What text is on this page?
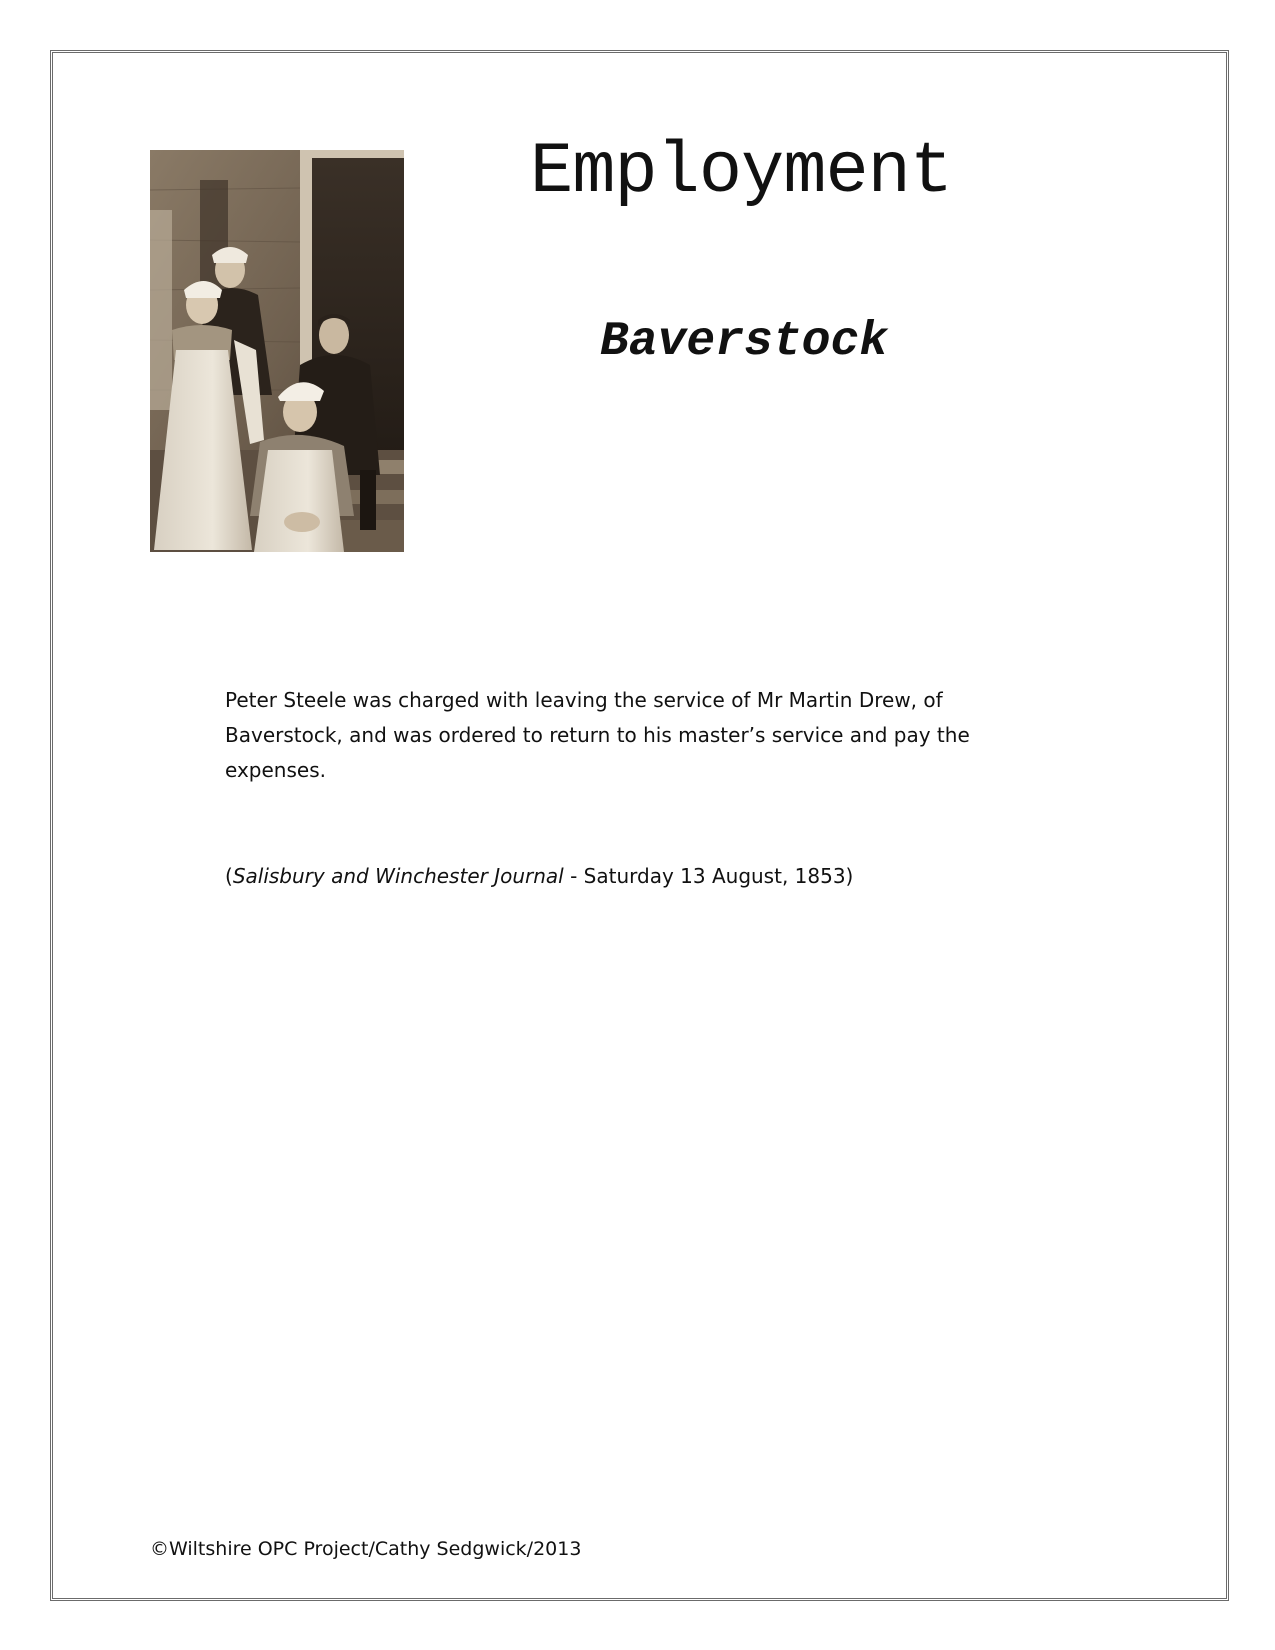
Employment
Baverstock

Peter Steele was charged with leaving the service of Mr Martin Drew, of Baverstock, and was ordered to return to his master’s service and pay the expenses.

(Salisbury and Winchester Journal - Saturday 13 August, 1853)

©Wiltshire OPC Project/Cathy Sedgwick/2013
